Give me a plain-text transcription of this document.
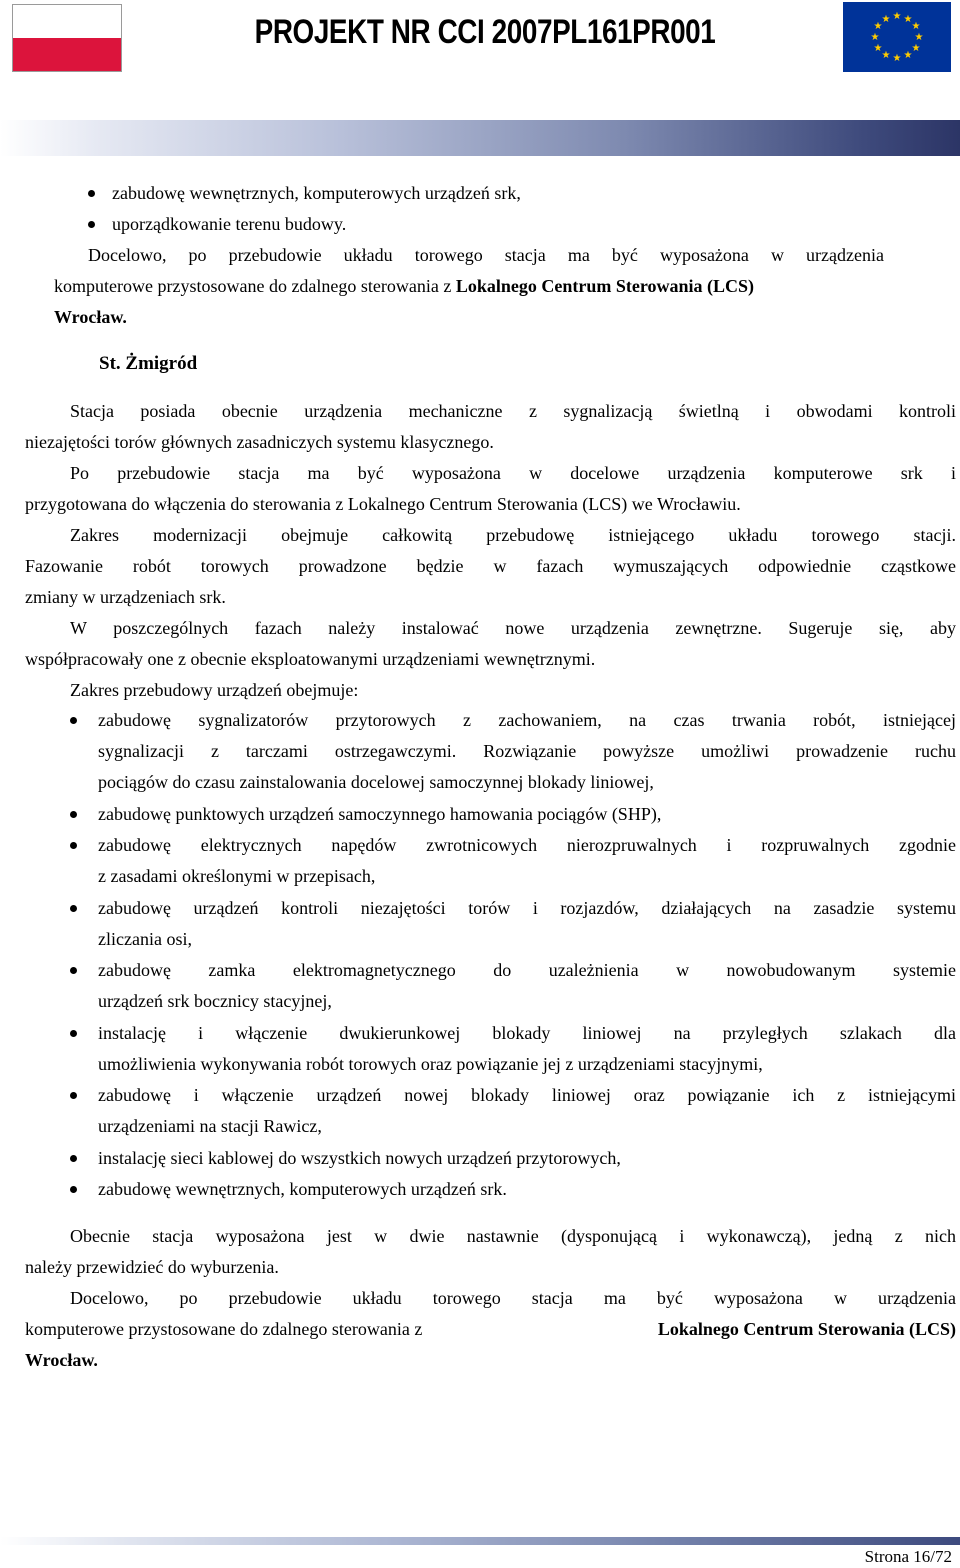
PROJEKT NR CCI 2007PL161PR001	★ ★
★
★
★
★
★
★
★
★
★
★
zabudowę wewnętrznych, komputerowych urządzeń srk,
uporządkowanie terenu budowy.
Docelowo, po przebudowie układu torowego stacja ma być wyposażona w urządzenia
komputerowe przystosowane do zdalnego sterowania z Lokalnego Centrum Sterowania (LCS)
Wrocław.
St. Żmigród
Stacja posiada obecnie urządzenia mechaniczne z sygnalizacją świetlną i obwodami kontroli
niezajętości torów głównych zasadniczych systemu klasycznego.
Po przebudowie stacja ma być wyposażona w docelowe urządzenia komputerowe srk i
przygotowana do włączenia do sterowania z Lokalnego Centrum Sterowania (LCS) we Wrocławiu.
Zakres modernizacji obejmuje całkowitą przebudowę istniejącego układu torowego stacji.
Fazowanie robót torowych prowadzone będzie w fazach wymuszających odpowiednie cząstkowe
zmiany w urządzeniach srk.
W poszczególnych fazach należy instalować nowe urządzenia zewnętrzne. Sugeruje się, aby
współpracowały one z obecnie eksploatowanymi urządzeniami wewnętrznymi.
Zakres przebudowy urządzeń obejmuje:
zabudowę sygnalizatorów przytorowych z zachowaniem, na czas trwania robót, istniejącej
sygnalizacji z tarczami ostrzegawczymi. Rozwiązanie powyższe umożliwi prowadzenie ruchu
pociągów do czasu zainstalowania docelowej samoczynnej blokady liniowej,
zabudowę punktowych urządzeń samoczynnego hamowania pociągów (SHP),
zabudowę elektrycznych napędów zwrotnicowych nierozpruwalnych i rozpruwalnych zgodnie
z zasadami określonymi w przepisach,
zabudowę urządzeń kontroli niezajętości torów i rozjazdów, działających na zasadzie systemu
zliczania osi,
zabudowę zamka elektromagnetycznego do uzależnienia w nowobudowanym systemie
urządzeń srk bocznicy stacyjnej,
instalację i włączenie dwukierunkowej blokady liniowej na przyległych szlakach dla
umożliwienia wykonywania robót torowych oraz powiązanie jej z urządzeniami stacyjnymi,
zabudowę i włączenie urządzeń nowej blokady liniowej oraz powiązanie ich z istniejącymi
urządzeniami na stacji Rawicz,
instalację sieci kablowej do wszystkich nowych urządzeń przytorowych,
zabudowę wewnętrznych, komputerowych urządzeń srk.
Obecnie stacja wyposażona jest w dwie nastawnie (dysponującą i wykonawczą), jedną z nich
należy przewidzieć do wyburzenia.
Docelowo, po przebudowie układu torowego stacja ma być wyposażona w urządzenia
komputerowe przystosowane do zdalnego sterowania z	Lokalnego Centrum Sterowania (LCS)
Wrocław.
Strona 16/72
